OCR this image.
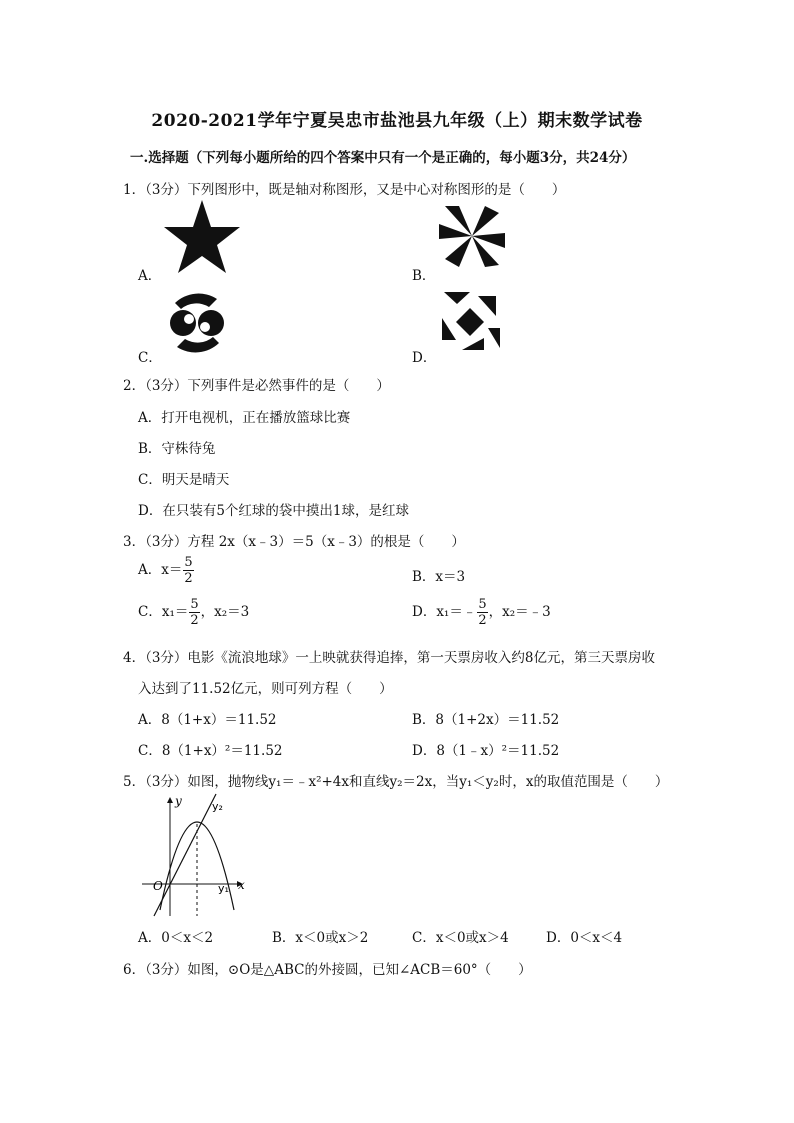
2020-2021学年宁夏吴忠市盐池县九年级（上）期末数学试卷
一.选择题（下列每小题所给的四个答案中只有一个是正确的，每小题3分，共24分）
1．（3分）下列图形中，既是轴对称图形，又是中心对称图形的是（　　）
A．	B．
C．	D．
2．（3分）下列事件是必然事件的是（　　）
A．打开电视机，正在播放篮球比赛
B．守株待兔
C．明天是晴天
D．在只装有5个红球的袋中摸出1球，是红球
3．（3分）方程 2x（x﹣3）＝5（x﹣3）的根是（　　）
A．$x= \frac{5}{2}$	B．x＝3
C．$x_1= \frac{5}{2}$ ，x₂＝3	D．x₁＝﹣ $\frac{5}{2}$ ，x₂＝﹣3
4．（3分）电影《流浪地球》一上映就获得追捧，第一天票房收入约8亿元，第三天票房收
入达到了11.52亿元，则可列方程（　　）
A．8（1+x）＝11.52	B．8（1+2x）＝11.52
C．8（1+x）²＝11.52	D．8（1﹣x）²＝11.52
5．（3分）如图，抛物线y₁＝﹣x²+4x和直线y₂＝2x，当y₁＜y₂时，x的取值范围是（　　）
y
x
O
y₂
y₁
A．0＜x＜2	B．x＜0或x＞2	C．x＜0或x＞4	D．0＜x＜4
6．（3分）如图，⊙O是△ABC的外接圆，已知∠ACB＝60°（　　）
